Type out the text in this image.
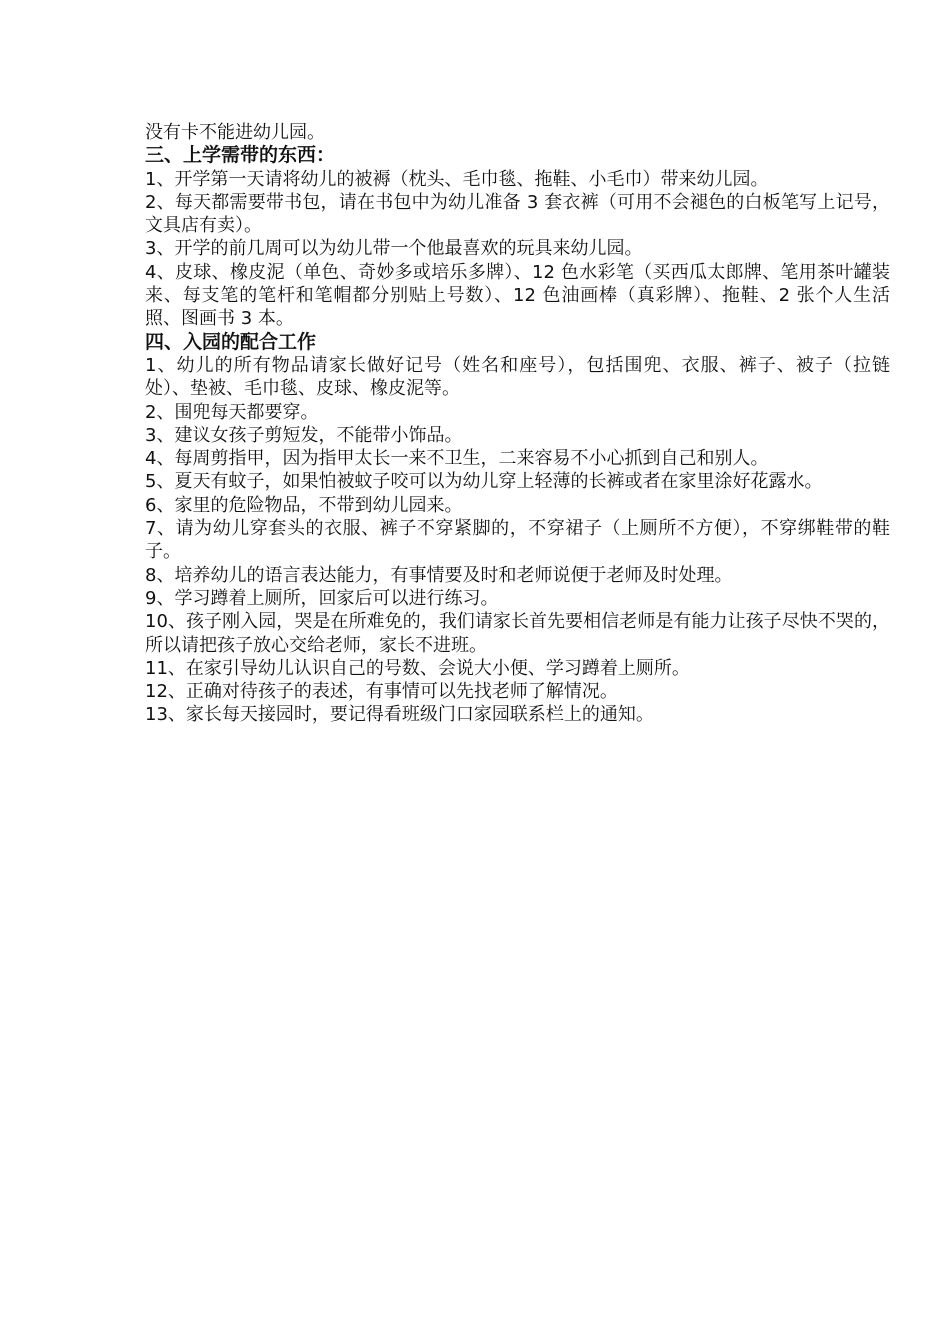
没有卡不能进幼儿园。

三、上学需带的东西：

1、开学第一天请将幼儿的被褥（枕头、毛巾毯、拖鞋、小毛巾）带来幼儿园。

2、每天都需要带书包，请在书包中为幼儿准备 3 套衣裤（可用不会褪色的白板笔写上记号，文具店有卖）。

3、开学的前几周可以为幼儿带一个他最喜欢的玩具来幼儿园。

4、皮球、橡皮泥（单色、奇妙多或培乐多牌）、12 色水彩笔（买西瓜太郎牌、笔用茶叶罐装来、每支笔的笔杆和笔帽都分别贴上号数）、12 色油画棒（真彩牌）、拖鞋、2 张个人生活照、图画书 3 本。

四、入园的配合工作

1、幼儿的所有物品请家长做好记号（姓名和座号），包括围兜、衣服、裤子、被子（拉链处）、垫被、毛巾毯、皮球、橡皮泥等。

2、围兜每天都要穿。

3、建议女孩子剪短发，不能带小饰品。

4、每周剪指甲，因为指甲太长一来不卫生，二来容易不小心抓到自己和别人。

5、夏天有蚊子，如果怕被蚊子咬可以为幼儿穿上轻薄的长裤或者在家里涂好花露水。

6、家里的危险物品，不带到幼儿园来。

7、请为幼儿穿套头的衣服、裤子不穿紧脚的，不穿裙子（上厕所不方便），不穿绑鞋带的鞋子。

8、培养幼儿的语言表达能力，有事情要及时和老师说便于老师及时处理。

9、学习蹲着上厕所，回家后可以进行练习。

10、孩子刚入园，哭是在所难免的，我们请家长首先要相信老师是有能力让孩子尽快不哭的，所以请把孩子放心交给老师，家长不进班。

11、在家引导幼儿认识自己的号数、会说大小便、学习蹲着上厕所。

12、正确对待孩子的表述，有事情可以先找老师了解情况。

13、家长每天接园时，要记得看班级门口家园联系栏上的通知。
